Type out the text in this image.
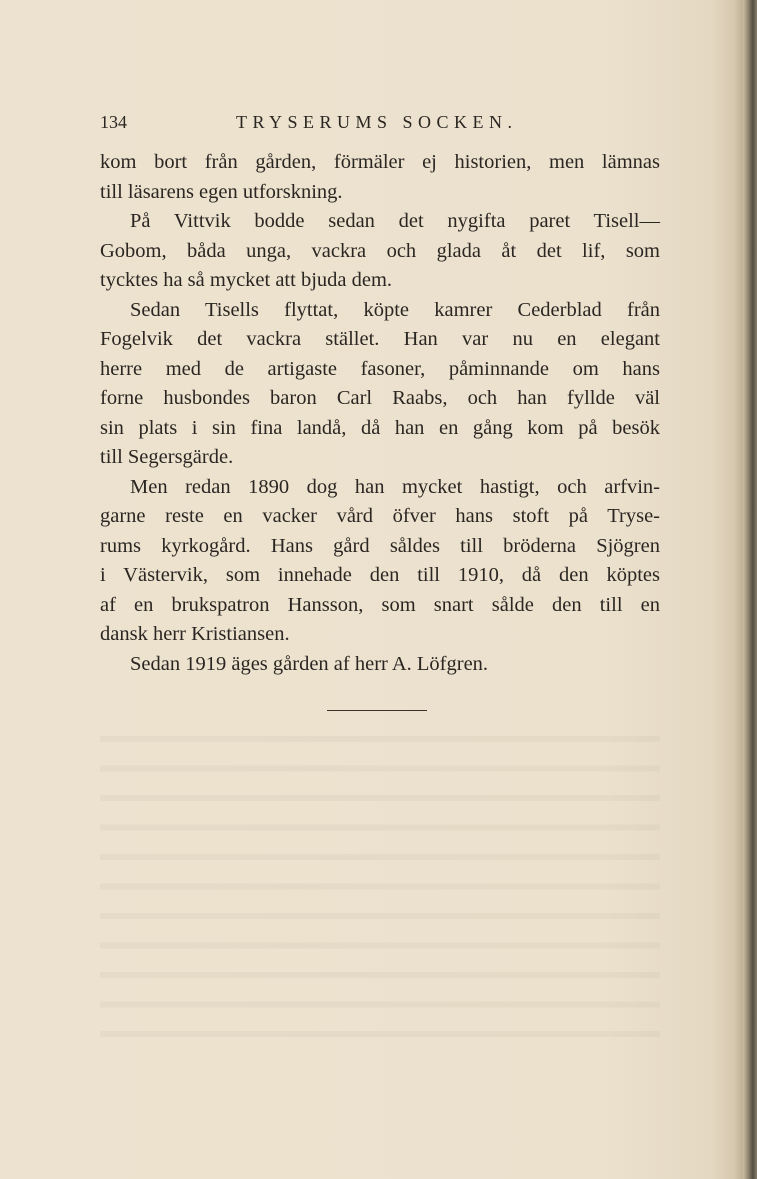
134	TRYSERUMS SOCKEN.
kom bort från gården, förmäler ej historien, men lämnas
till läsarens egen utforskning.
På Vittvik bodde sedan det nygifta paret Tisell—
Gobom, båda unga, vackra och glada åt det lif, som
tycktes ha så mycket att bjuda dem.
Sedan Tisells flyttat, köpte kamrer Cederblad från
Fogelvik det vackra stället. Han var nu en elegant
herre med de artigaste fasoner, påminnande om hans
forne husbondes baron Carl Raabs, och han fyllde väl
sin plats i sin fina landå, då han en gång kom på besök
till Segersgärde.
Men redan 1890 dog han mycket hastigt, och arfvin-
garne reste en vacker vård öfver hans stoft på Tryse-
rums kyrkogård. Hans gård såldes till bröderna Sjögren
i Västervik, som innehade den till 1910, då den köptes
af en brukspatron Hansson, som snart sålde den till en
dansk herr Kristiansen.
Sedan 1919 äges gården af herr A. Löfgren.
